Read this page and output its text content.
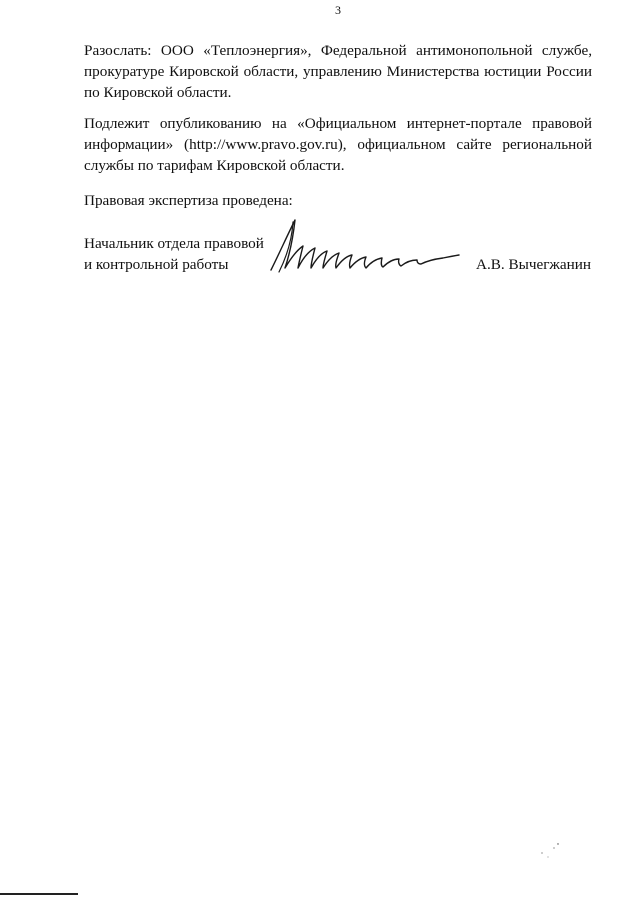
3

Разослать: ООО «Теплоэнергия», Федеральной антимонопольной службе, прокуратуре Кировской области, управлению Министерства юстиции России по Кировской области.

Подлежит опубликованию на «Официальном интернет-портале правовой информации» (http://www.pravo.gov.ru), официальном сайте региональной службы по тарифам Кировской области.

Правовая экспертиза проведена:

Начальник отдела правовой
и контрольной работы	А.В. Вычегжанин
